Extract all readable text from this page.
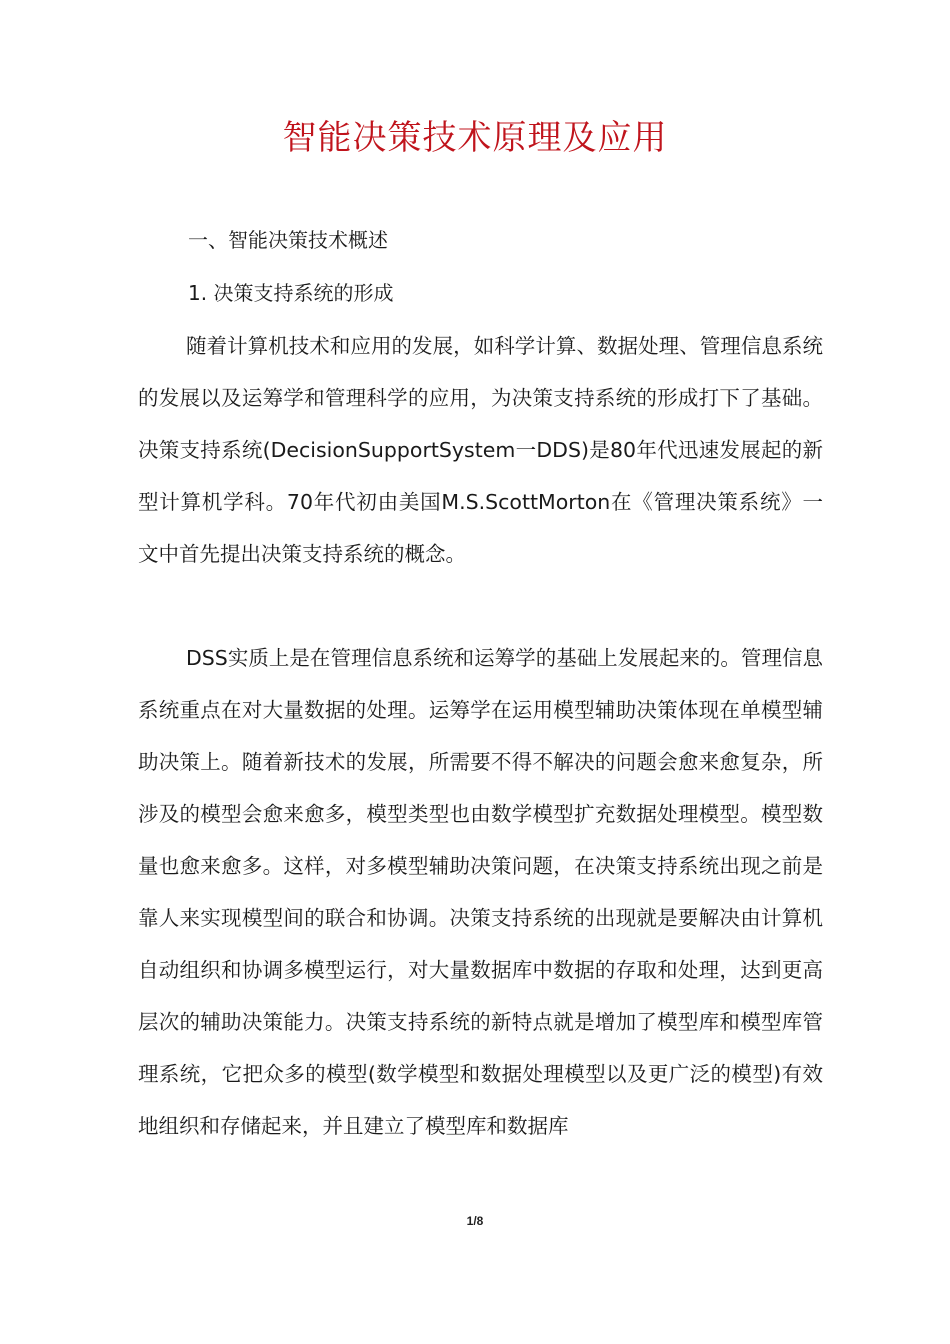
智能决策技术原理及应用
一、智能决策技术概述
1. 决策支持系统的形成

随着计算机技术和应用的发展，如科学计算、数据处理、管理信息系统的发展以及运筹学和管理科学的应用，为决策支持系统的形成打下了基础。决策支持系统(DecisionSupportSystem一DDS)是80年代迅速发展起的新型计算机学科。70年代初由美国M.S.ScottMorton在《管理决策系统》一文中首先提出决策支持系统的概念。

DSS实质上是在管理信息系统和运筹学的基础上发展起来的。管理信息系统重点在对大量数据的处理。运筹学在运用模型辅助决策体现在单模型辅助决策上。随着新技术的发展，所需要不得不解决的问题会愈来愈复杂，所涉及的模型会愈来愈多，模型类型也由数学模型扩充数据处理模型。模型数量也愈来愈多。这样，对多模型辅助决策问题，在决策支持系统出现之前是靠人来实现模型间的联合和协调。决策支持系统的出现就是要解决由计算机自动组织和协调多模型运行，对大量数据库中数据的存取和处理，达到更高层次的辅助决策能力。决策支持系统的新特点就是增加了模型库和模型库管理系统，它把众多的模型(数学模型和数据处理模型以及更广泛的模型)有效地组织和存储起来，并且建立了模型库和数据库

1/8
